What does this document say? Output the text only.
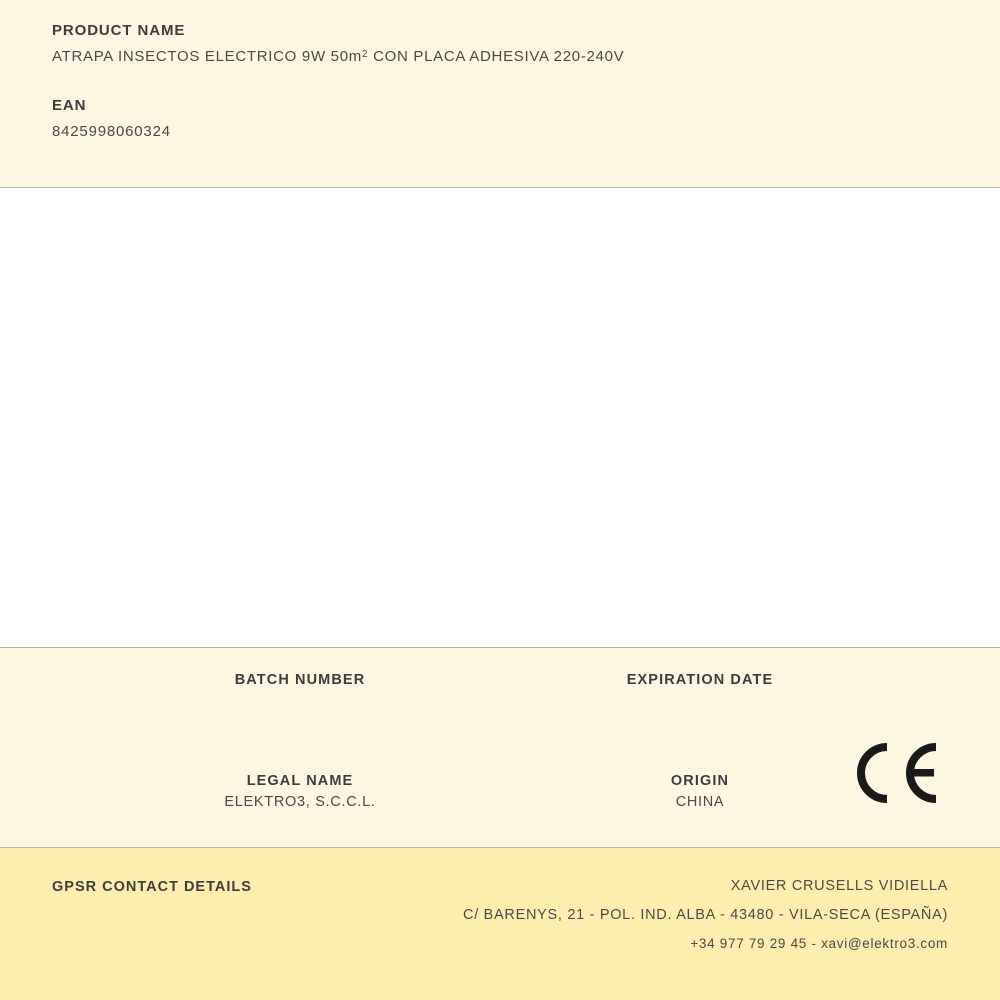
PRODUCT NAME

ATRAPA INSECTOS ELECTRICO 9W $50m^2$ CON PLACA ADHESIVA 220-240V

EAN

8425998060324

BATCH NUMBER	EXPIRATION DATE

LEGAL NAME

ELEKTRO3, S.C.C.L.

ORIGIN

CHINA

GPSR CONTACT DETAILS	XAVIER CRUSELLS VIDIELLA
C/ BARENYS, 21 - POL. IND. ALBA - 43480 - VILA-SECA (ESPAÑA)
+34 977 79 29 45 - xavi@elektro3.com
